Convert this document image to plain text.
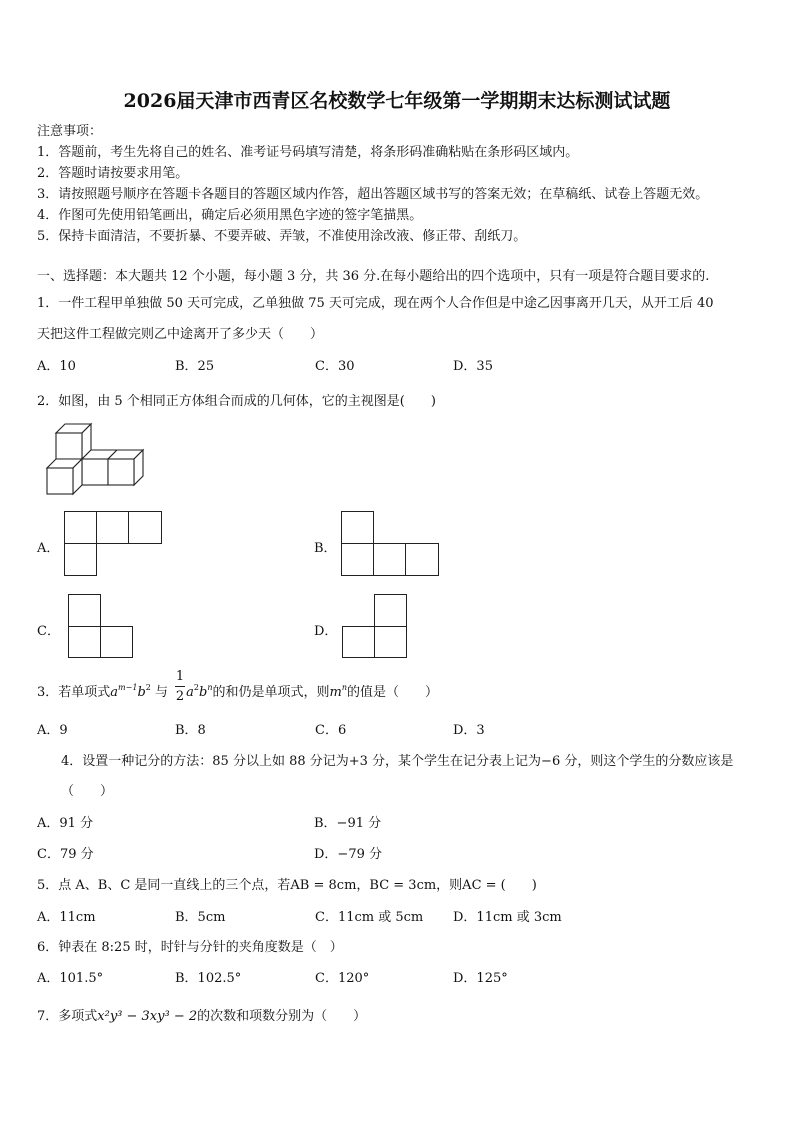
2026届天津市西青区名校数学七年级第一学期期末达标测试试题
注意事项：
1．答题前，考生先将自己的姓名、准考证号码填写清楚，将条形码准确粘贴在条形码区域内。
2．答题时请按要求用笔。
3．请按照题号顺序在答题卡各题目的答题区域内作答，超出答题区域书写的答案无效；在草稿纸、试卷上答题无效。
4．作图可先使用铅笔画出，确定后必须用黑色字迹的签字笔描黑。
5．保持卡面清洁，不要折暴、不要弄破、弄皱，不准使用涂改液、修正带、刮纸刀。
一、选择题：本大题共 12 个小题，每小题 3 分，共 36 分.在每小题给出的四个选项中，只有一项是符合题目要求的.
1．一件工程甲单独做 50 天可完成，乙单独做 75 天可完成，现在两个人合作但是中途乙因事离开几天，从开工后 40
天把这件工程做完则乙中途离开了多少天（　　）
A．10	B．25	C．30	D．35
2．如图，由 5 个相同正方体组合而成的几何体，它的主视图是(　　)
A．	B．
C．	D．
3．若单项式$a^{m-1}b^2$ 与 $a^2b^n$的和仍是单项式，则$m^n$的值是（　　）
1
2
A．9	B．8	C．6	D．3
4．设置一种记分的方法：85 分以上如 88 分记为+3 分，某个学生在记分表上记为−6 分，则这个学生的分数应该是
（　　）
A．91 分	B．−91 分
C．79 分	D．−79 分
5．点 A、B、C 是同一直线上的三个点，若AB = 8cm，BC = 3cm，则AC = (　　)
A．11cm	B．5cm	C．11cm 或 5cm D．11cm 或 3cm
6．钟表在 8:25 时，时针与分针的夹角度数是（　）
A．101.5°	B．102.5°	C．120°	D．125°
7．多项式x²y³ − 3xy³ − 2的次数和项数分别为（　　）
